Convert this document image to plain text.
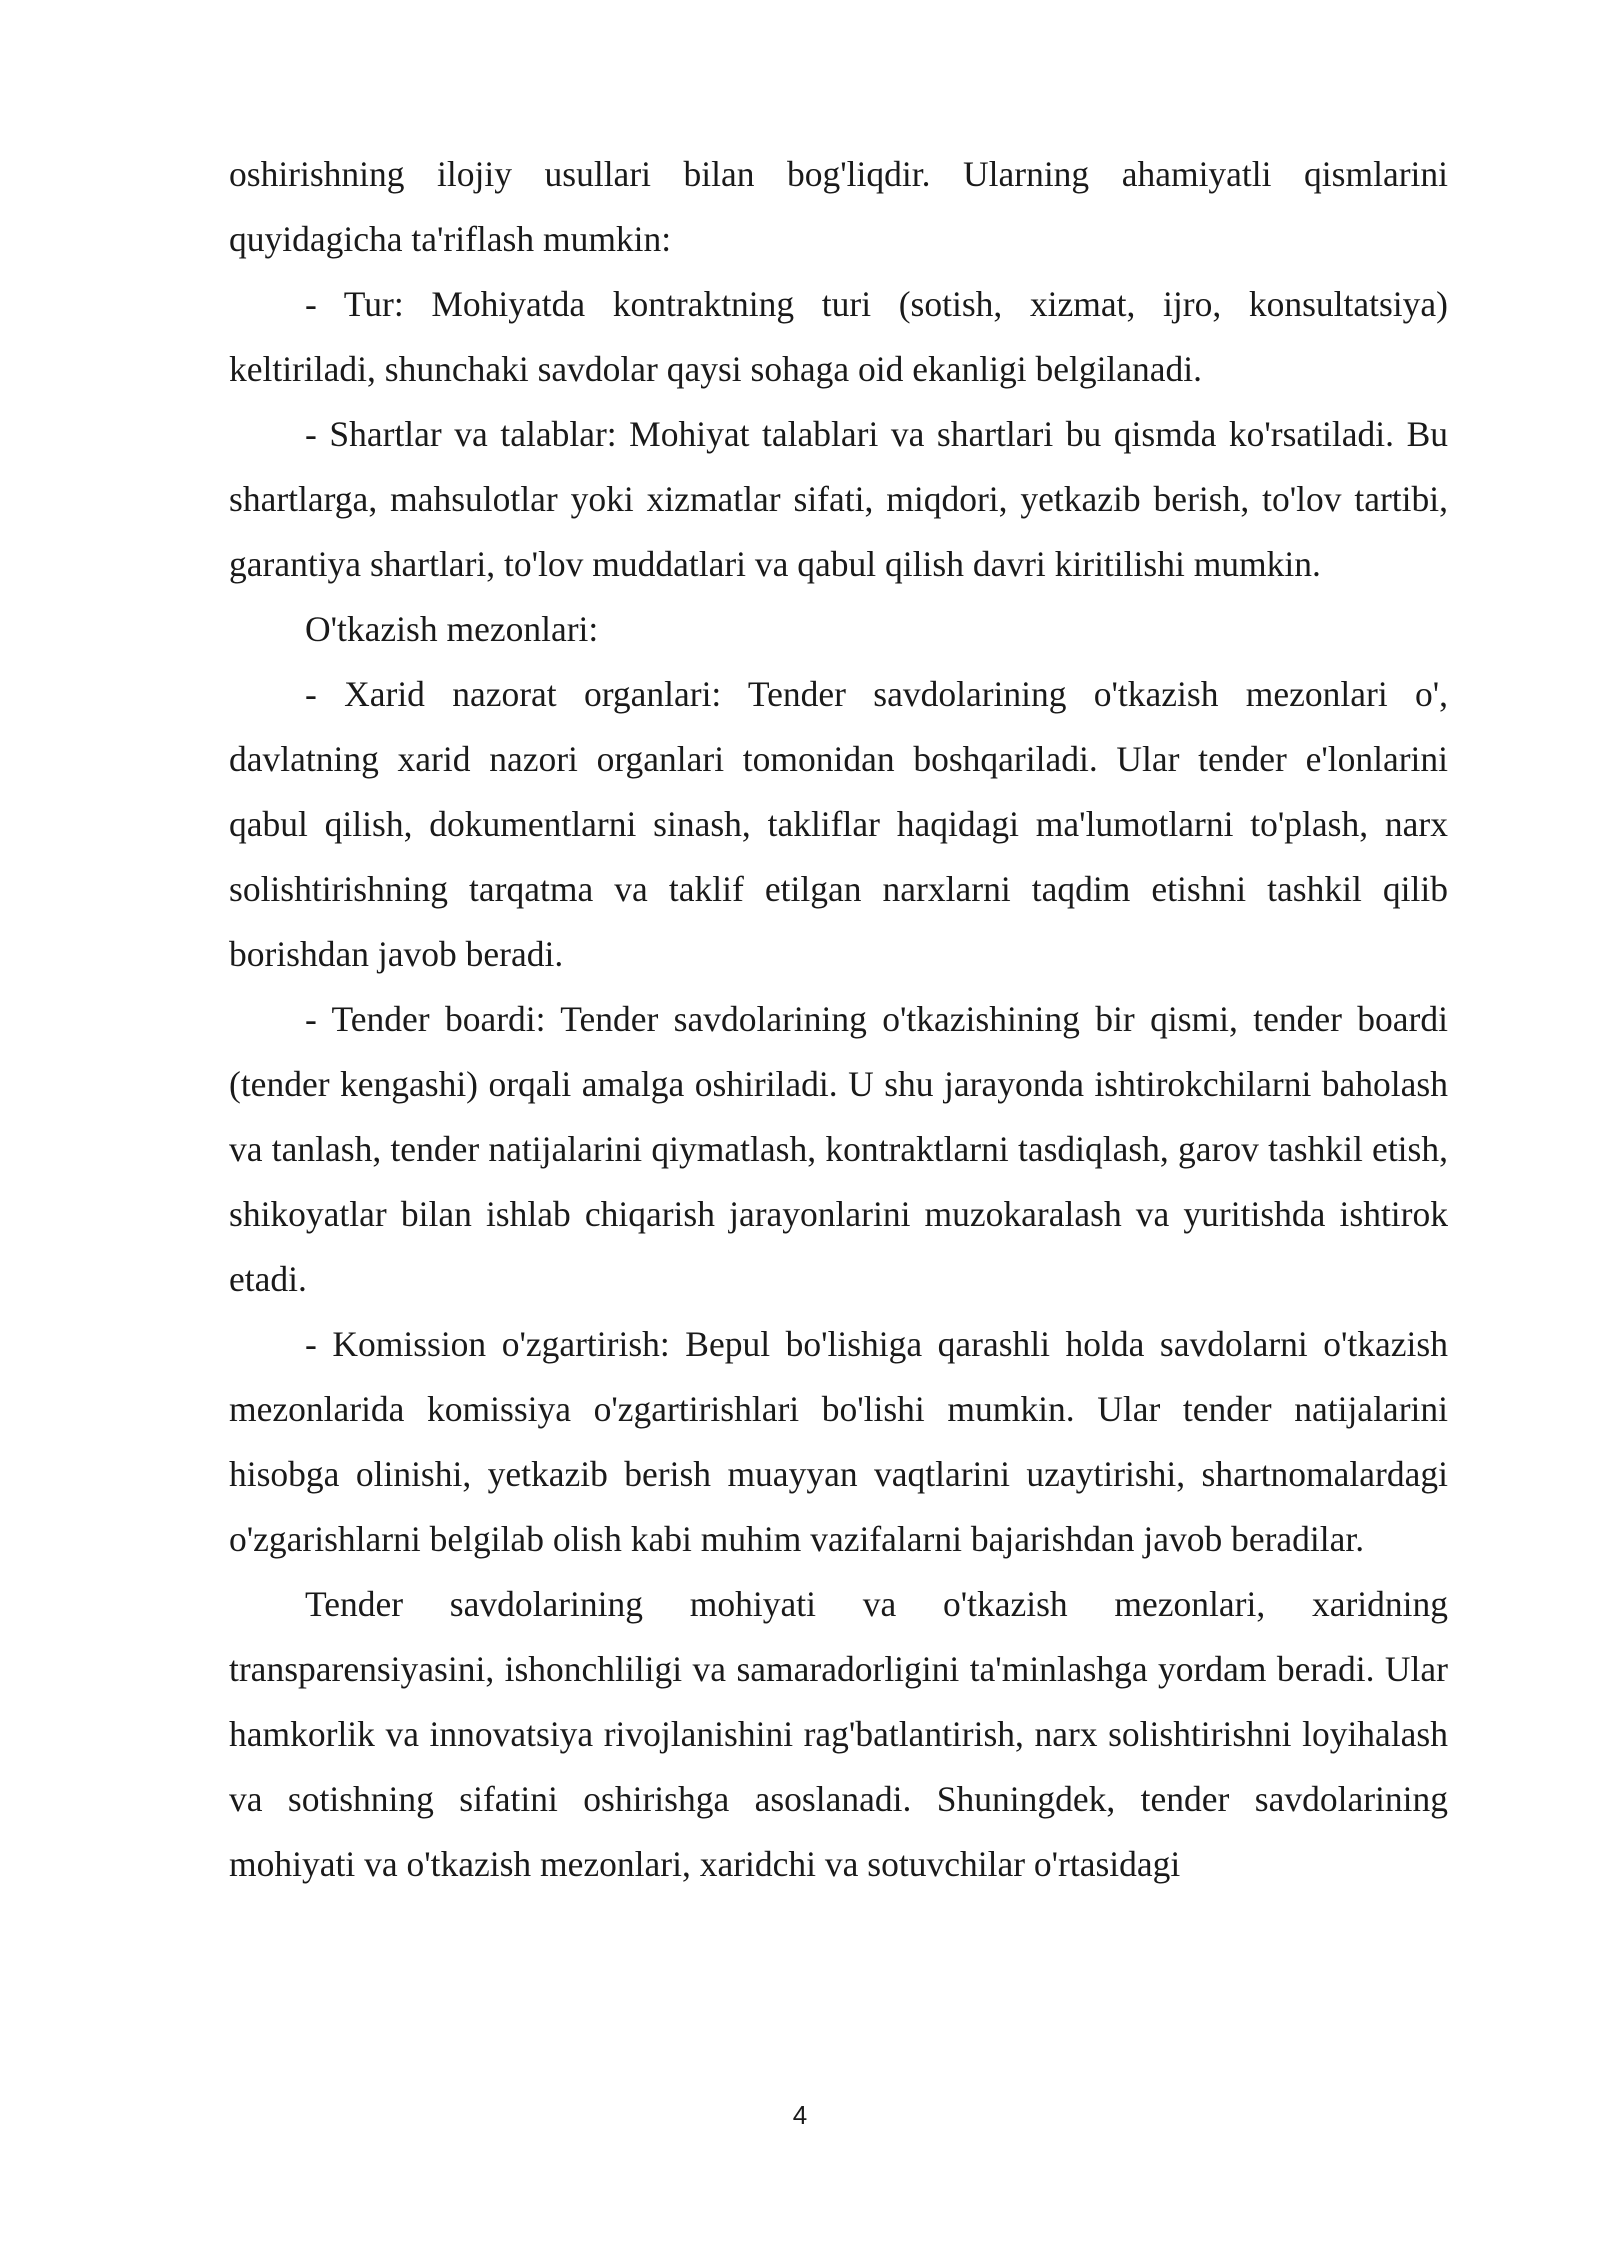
oshirishning ilojiy usullari bilan bog'liqdir. Ularning ahamiyatli qismlarini quyidagicha ta'riflash mumkin:

- Tur: Mohiyatda kontraktning turi (sotish, xizmat, ijro, konsultatsiya) keltiriladi, shunchaki savdolar qaysi sohaga oid ekanligi belgilanadi.

- Shartlar va talablar: Mohiyat talablari va shartlari bu qismda ko'rsatiladi. Bu shartlarga, mahsulotlar yoki xizmatlar sifati, miqdori, yetkazib berish, to'lov tartibi, garantiya shartlari, to'lov muddatlari va qabul qilish davri kiritilishi mumkin.

O'tkazish mezonlari:

- Xarid nazorat organlari: Tender savdolarining o'tkazish mezonlari o', davlatning xarid nazori organlari tomonidan boshqariladi. Ular tender e'lonlarini qabul qilish, dokumentlarni sinash, takliflar haqidagi ma'lumotlarni to'plash, narx solishtirishning tarqatma va taklif etilgan narxlarni taqdim etishni tashkil qilib borishdan javob beradi.

- Tender boardi: Tender savdolarining o'tkazishining bir qismi, tender boardi (tender kengashi) orqali amalga oshiriladi. U shu jarayonda ishtirokchilarni baholash va tanlash, tender natijalarini qiymatlash, kontraktlarni tasdiqlash, garov tashkil etish, shikoyatlar bilan ishlab chiqarish jarayonlarini muzokaralash va yuritishda ishtirok etadi.

- Komission o'zgartirish: Bepul bo'lishiga qarashli holda savdolarni o'tkazish mezonlarida komissiya o'zgartirishlari bo'lishi mumkin. Ular tender natijalarini hisobga olinishi, yetkazib berish muayyan vaqtlarini uzaytirishi, shartnomalardagi o'zgarishlarni belgilab olish kabi muhim vazifalarni bajarishdan javob beradilar.

Tender savdolarining mohiyati va o'tkazish mezonlari, xaridning transparensiyasini, ishonchliligi va samaradorligini ta'minlashga yordam beradi. Ular hamkorlik va innovatsiya rivojlanishini rag'batlantirish, narx solishtirishni loyihalash va sotishning sifatini oshirishga asoslanadi. Shuningdek, tender savdolarining mohiyati va o'tkazish mezonlari, xaridchi va sotuvchilar o'rtasidagi

4
